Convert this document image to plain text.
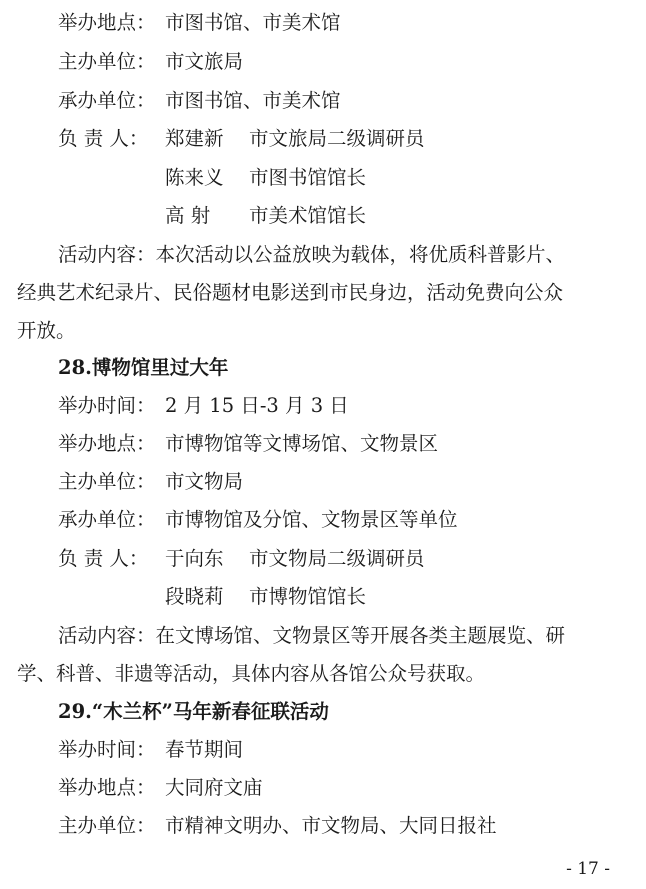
举办地点： 市图书馆、市美术馆
主办单位： 市文旅局
承办单位： 市图书馆、市美术馆
负 责 人： 郑建新 市文旅局二级调研员
陈来义 市图书馆馆长
高 射 市美术馆馆长
活动内容：本次活动以公益放映为载体，将优质科普影片、
经典艺术纪录片、民俗题材电影送到市民身边，活动免费向公众
开放。
28.博物馆里过大年
举办时间： 2 月 15 日-3 月 3 日
举办地点： 市博物馆等文博场馆、文物景区
主办单位： 市文物局
承办单位： 市博物馆及分馆、文物景区等单位
负 责 人： 于向东 市文物局二级调研员
段晓莉 市博物馆馆长
活动内容：在文博场馆、文物景区等开展各类主题展览、研
学、科普、非遗等活动，具体内容从各馆公众号获取。
29.“木兰杯”马年新春征联活动
举办时间： 春节期间
举办地点： 大同府文庙
主办单位： 市精神文明办、市文物局、大同日报社
- 17 -
